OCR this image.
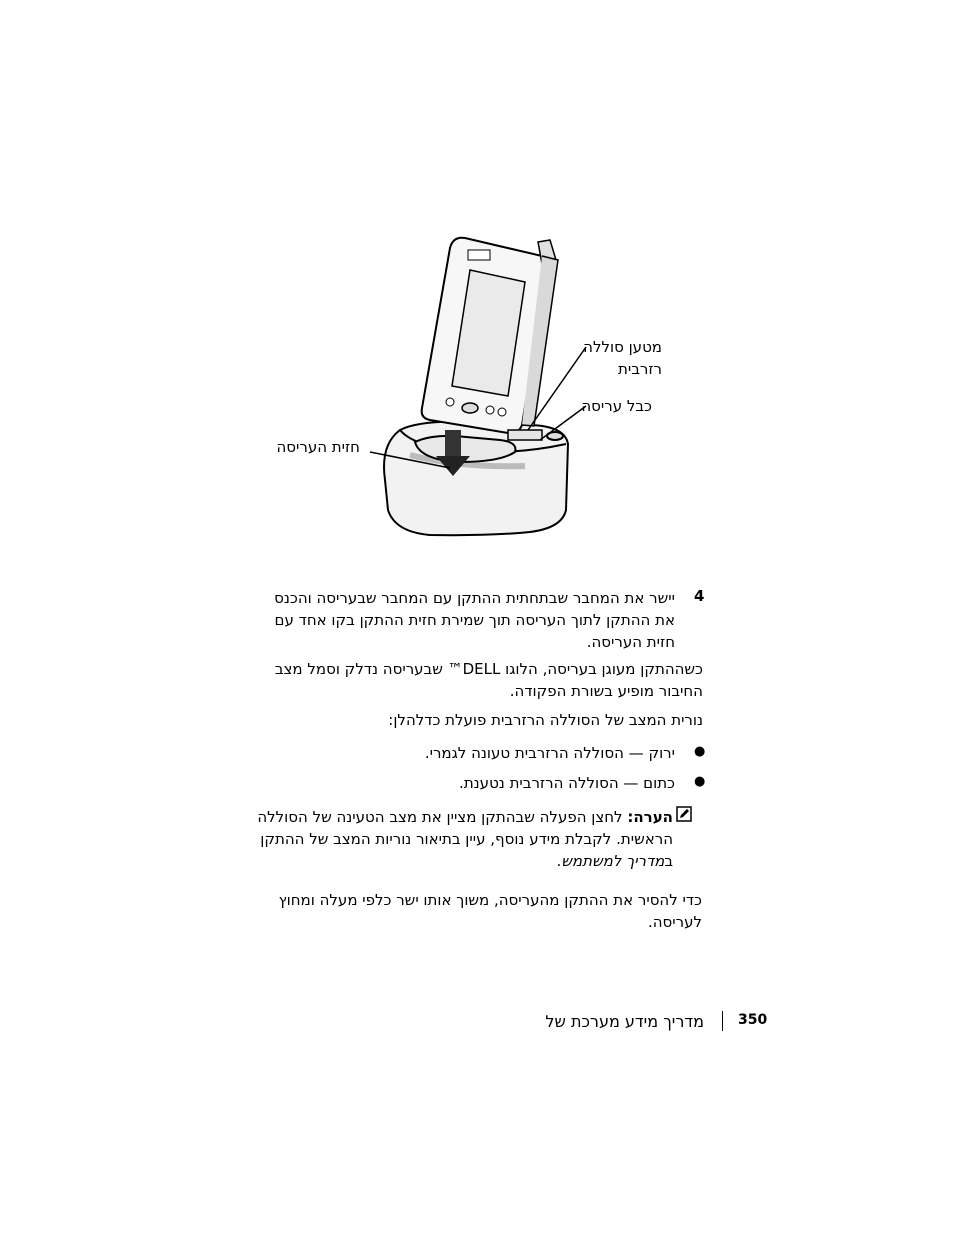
מטען סוללה
רזרבית
כבל עריסה
חזית העריסה
4
יישר את המחבר שבתחתית ההתקן עם המחבר שבעריסה והכנס את ההתקן לתוך העריסה תוך שמירת חזית ההתקן בקו אחד עם חזית העריסה.
כשההתקן מעוגן בעריסה, הלוגו DELL™ שבעריסה נדלק וסמל מצב החיבור מופיע בשורת הפקודה.
נורית המצב של הסוללה הרזרבית פועלת כדלהלן:
●
ירוק — הסוללה הרזרבית טעונה לגמרי.
●
כתום — הסוללה הרזרבית נטענת.
הערה: לחצן הפעלה שבהתקן מציין את מצב הטעינה של הסוללה הראשית. לקבלת מידע נוסף, עיין בתיאור נוריות המצב של ההתקן במדריך למשתמש.
כדי להסיר את ההתקן מהעריסה, משוך אותו ישר כלפי מעלה ומחוץ לעריסה.
מדריך מידע מערכת של 350
